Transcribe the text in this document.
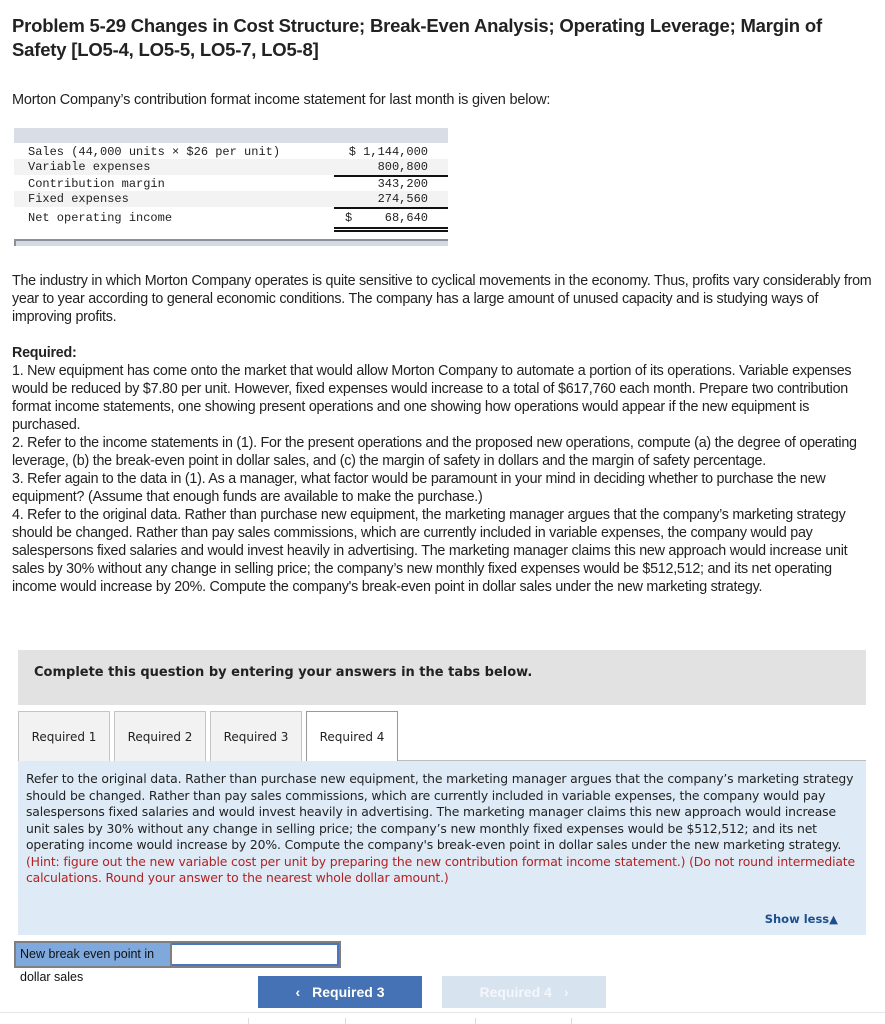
Problem 5-29 Changes in Cost Structure; Break-Even Analysis; Operating Leverage; Margin of Safety [LO5-4, LO5-5, LO5-7, LO5-8]
Morton Company’s contribution format income statement for last month is given below:
Sales (44,000 units × $26 per unit)	$ 1,144,000
Variable expenses	800,800
Contribution margin	343,200
Fixed expenses	274,560
Net operating income	$	68,640
The industry in which Morton Company operates is quite sensitive to cyclical movements in the economy. Thus, profits vary considerably from year to year according to general economic conditions. The company has a large amount of unused capacity and is studying ways of improving profits.
Required:
1. New equipment has come onto the market that would allow Morton Company to automate a portion of its operations. Variable expenses would be reduced by $7.80 per unit. However, fixed expenses would increase to a total of $617,760 each month. Prepare two contribution format income statements, one showing present operations and one showing how operations would appear if the new equipment is purchased.
2. Refer to the income statements in (1). For the present operations and the proposed new operations, compute (a) the degree of operating leverage, (b) the break-even point in dollar sales, and (c) the margin of safety in dollars and the margin of safety percentage.
3. Refer again to the data in (1). As a manager, what factor would be paramount in your mind in deciding whether to purchase the new equipment? (Assume that enough funds are available to make the purchase.)
4. Refer to the original data. Rather than purchase new equipment, the marketing manager argues that the company’s marketing strategy should be changed. Rather than pay sales commissions, which are currently included in variable expenses, the company would pay salespersons fixed salaries and would invest heavily in advertising. The marketing manager claims this new approach would increase unit sales by 30% without any change in selling price; the company’s new monthly fixed expenses would be $512,512; and its net operating income would increase by 20%. Compute the company's break-even point in dollar sales under the new marketing strategy.
Complete this question by entering your answers in the tabs below.
Required 1	Required 2	Required 3	Required 4
Refer to the original data. Rather than purchase new equipment, the marketing manager argues that the company’s marketing strategy should be changed. Rather than pay sales commissions, which are currently included in variable expenses, the company would pay salespersons fixed salaries and would invest heavily in advertising. The marketing manager claims this new approach would increase unit sales by 30% without any change in selling price; the company’s new monthly fixed expenses would be $512,512; and its net operating income would increase by 20%. Compute the company's break-even point in dollar sales under the new marketing strategy. (Hint: figure out the new variable cost per unit by preparing the new contribution format income statement.) (Do not round intermediate calculations. Round your answer to the nearest whole dollar amount.)
Show less▲
New break even point in dollar sales
‹ Required 3	Required 4 ›
